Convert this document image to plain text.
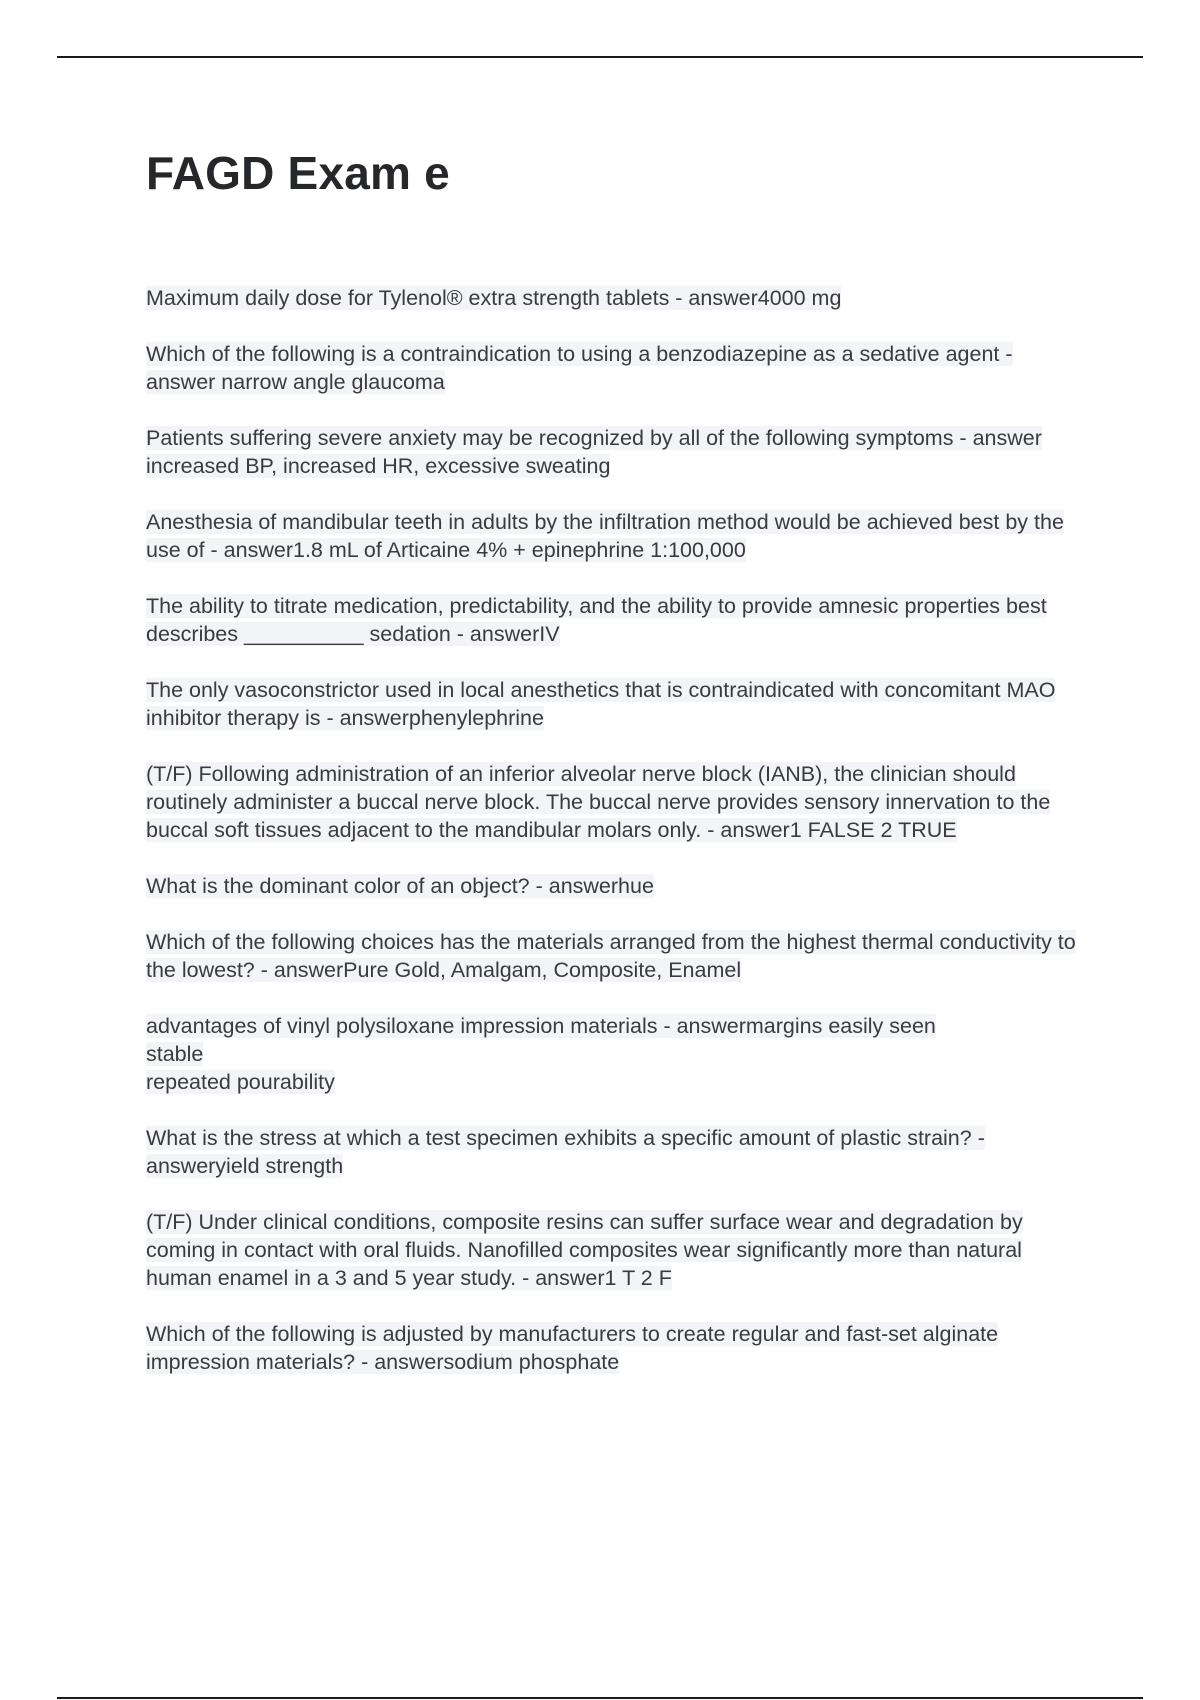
FAGD Exam e

Maximum daily dose for Tylenol® extra strength tablets - answer4000 mg

Which of the following is a contraindication to using a benzodiazepine as a sedative agent - answer narrow angle glaucoma

Patients suffering severe anxiety may be recognized by all of the following symptoms - answer increased BP, increased HR, excessive sweating

Anesthesia of mandibular teeth in adults by the infiltration method would be achieved best by the use of - answer1.8 mL of Articaine 4% + epinephrine 1:100,000

The ability to titrate medication, predictability, and the ability to provide amnesic properties best describes __________ sedation - answerIV

The only vasoconstrictor used in local anesthetics that is contraindicated with concomitant MAO inhibitor therapy is - answerphenylephrine

(T/F) Following administration of an inferior alveolar nerve block (IANB), the clinician should routinely administer a buccal nerve block. The buccal nerve provides sensory innervation to the buccal soft tissues adjacent to the mandibular molars only. - answer1 FALSE 2 TRUE

What is the dominant color of an object? - answerhue

Which of the following choices has the materials arranged from the highest thermal conductivity to the lowest? - answerPure Gold, Amalgam, Composite, Enamel

advantages of vinyl polysiloxane impression materials - answermargins easily seen
stable
repeated pourability

What is the stress at which a test specimen exhibits a specific amount of plastic strain? - answeryield strength

(T/F) Under clinical conditions, composite resins can suffer surface wear and degradation by coming in contact with oral fluids. Nanofilled composites wear significantly more than natural human enamel in a 3 and 5 year study. - answer1 T 2 F

Which of the following is adjusted by manufacturers to create regular and fast-set alginate impression materials? - answersodium phosphate
